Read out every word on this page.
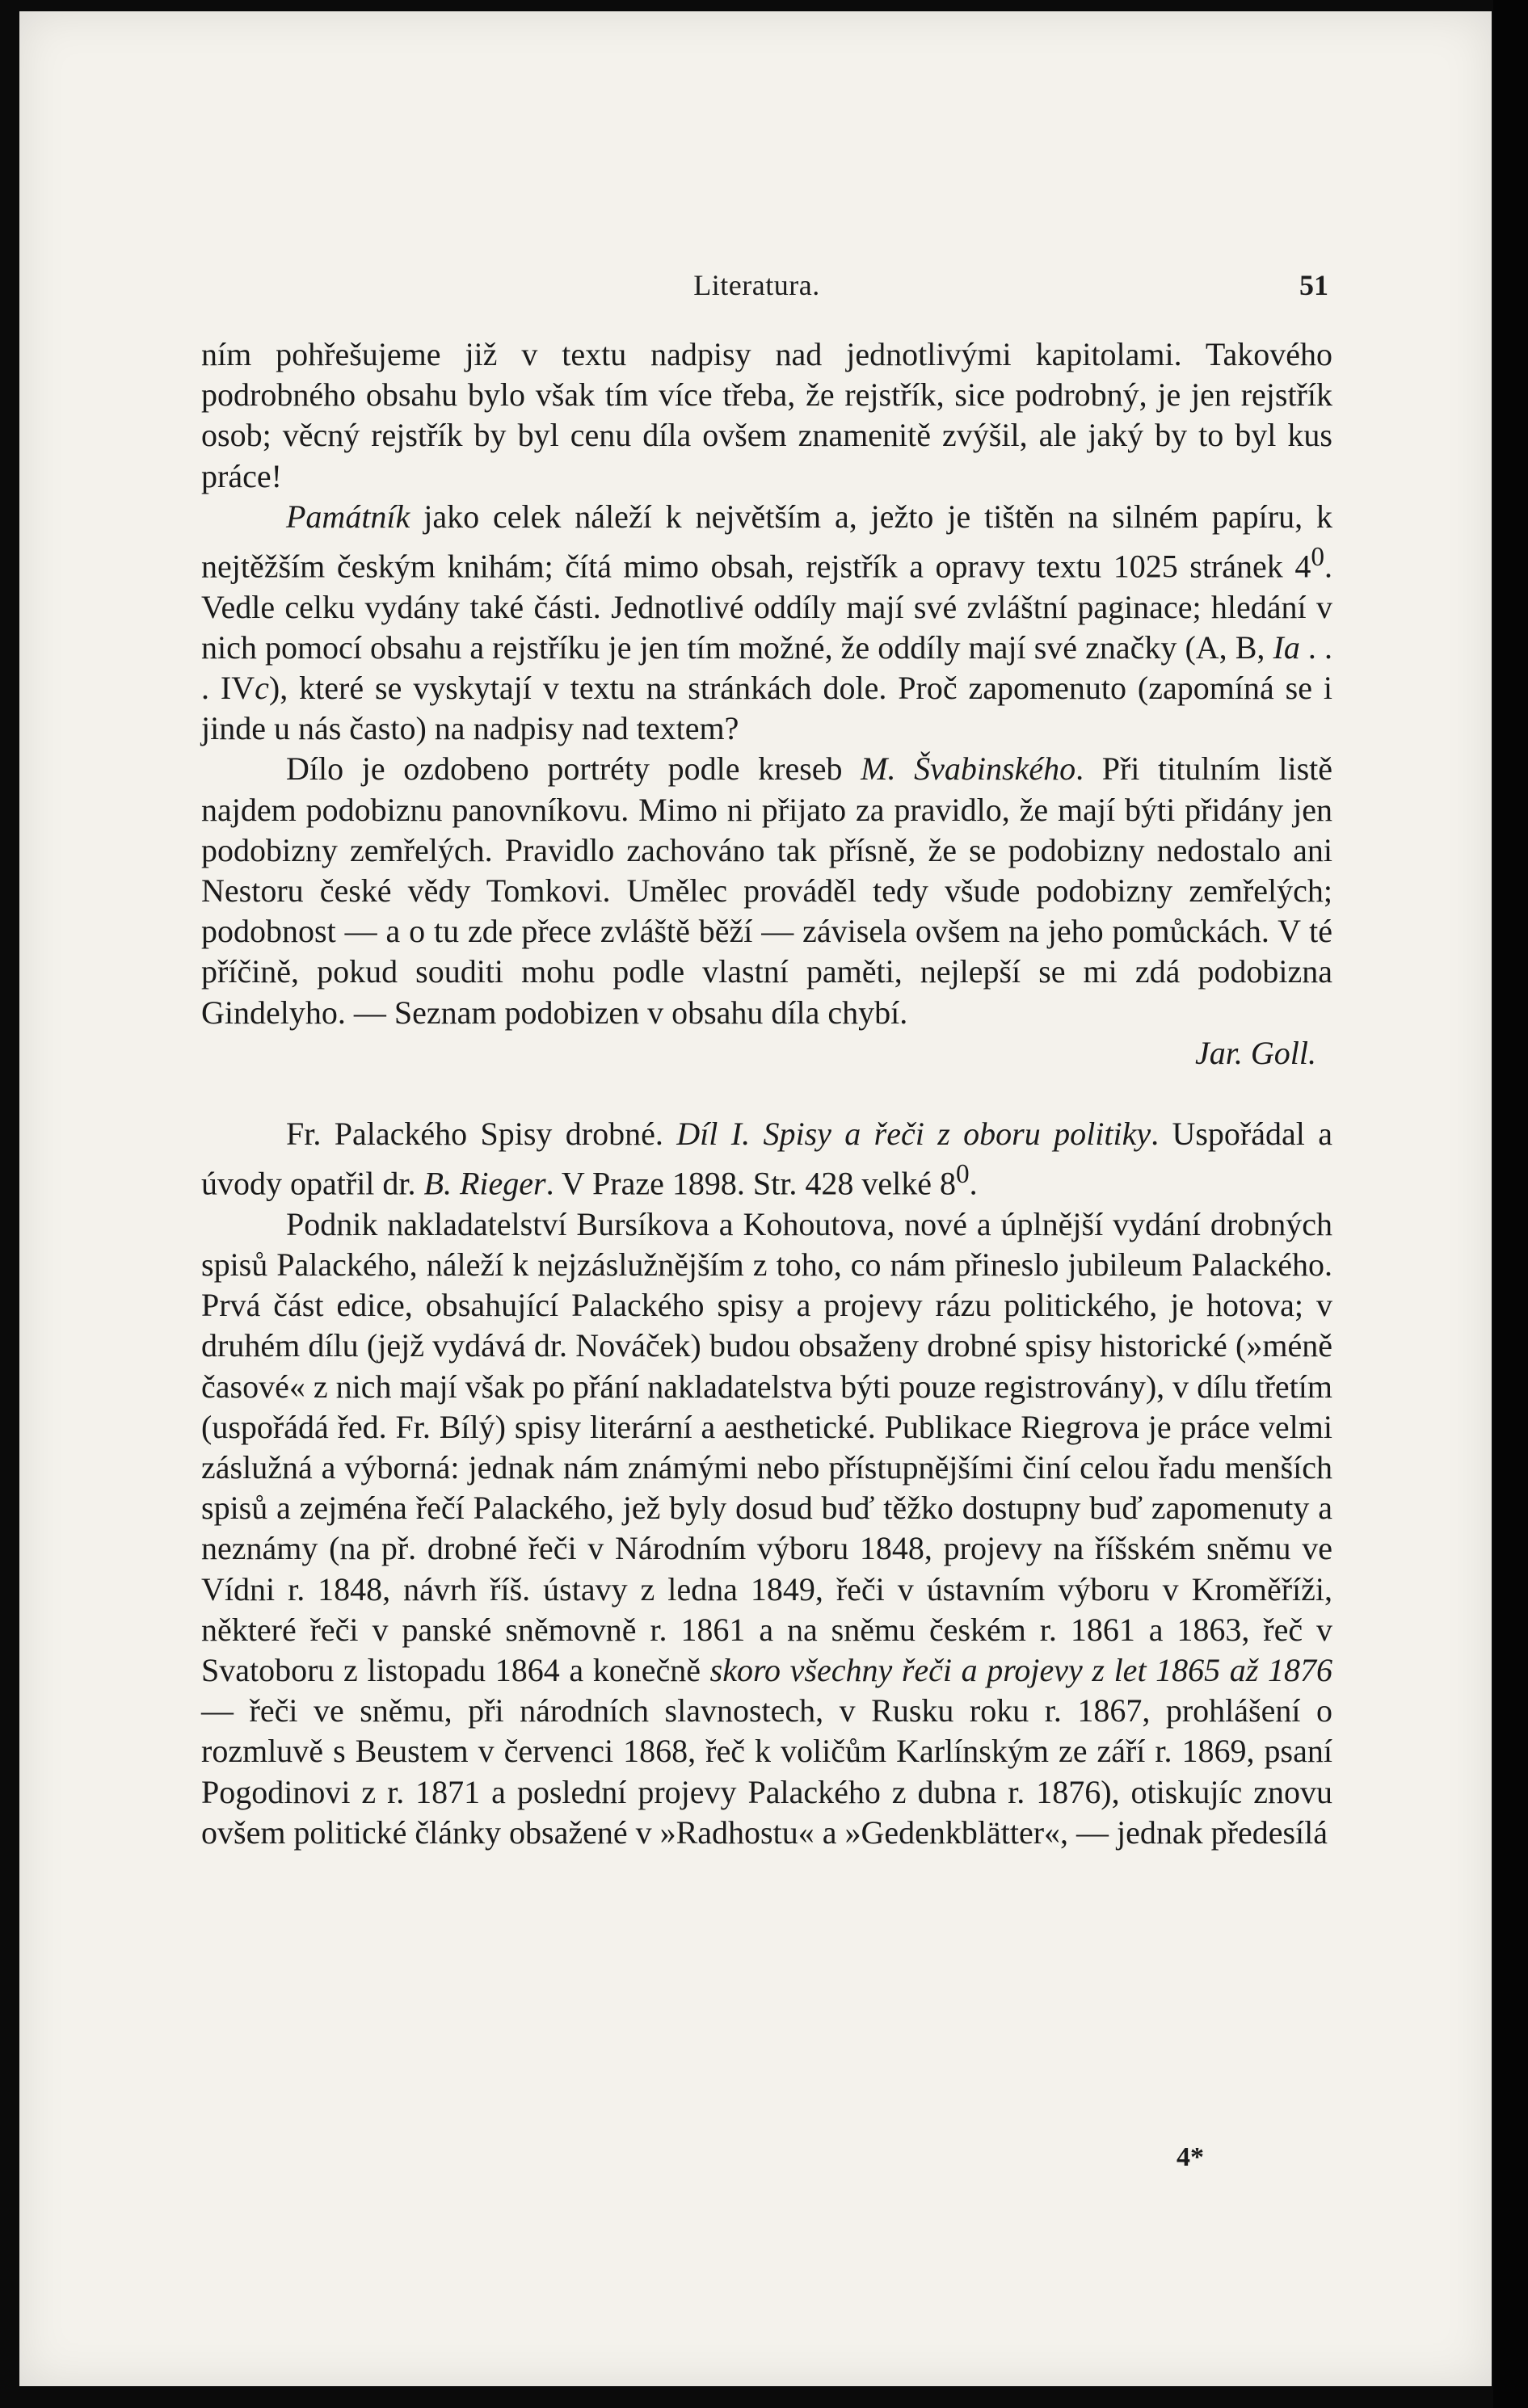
Literatura.	51

ním pohřešujeme již v textu nadpisy nad jednotlivými kapitolami. Takového podrobného obsahu bylo však tím více třeba, že rejstřík, sice podrobný, je jen rejstřík osob; věcný rejstřík by byl cenu díla ovšem znamenitě zvýšil, ale jaký by to byl kus práce!

Památník jako celek náleží k největším a, ježto je tištěn na silném papíru, k nejtěžším českým knihám; čítá mimo obsah, rejstřík a opravy textu 1025 stránek $4^0$. Vedle celku vydány také části. Jednotlivé oddíly mají své zvláštní paginace; hledání v nich pomocí obsahu a rejstříku je jen tím možné, že oddíly mají své značky (A, B, Ia . . . IVc), které se vyskytají v textu na stránkách dole. Proč zapomenuto (zapomíná se i jinde u nás často) na nadpisy nad textem?

Dílo je ozdobeno portréty podle kreseb M. Švabinského. Při titulním listě najdem podobiznu panovníkovu. Mimo ni přijato za pravidlo, že mají býti přidány jen podobizny zemřelých. Pravidlo zachováno tak přísně, že se podobizny nedostalo ani Nestoru české vědy Tomkovi. Umělec prováděl tedy všude podobizny zemřelých; podobnost — a o tu zde přece zvláště běží — závisela ovšem na jeho pomůckách. V té příčině, pokud souditi mohu podle vlastní paměti, nejlepší se mi zdá podobizna Gindelyho. — Seznam podobizen v obsahu díla chybí.

Jar. Goll.

Fr. Palackého Spisy drobné. Díl I. Spisy a řeči z oboru politiky. Uspořádal a úvody opatřil dr. B. Rieger. V Praze 1898. Str. 428 velké $8^0$.

Podnik nakladatelství Bursíkova a Kohoutova, nové a úplnější vydání drobných spisů Palackého, náleží k nejzáslužnějším z toho, co nám přineslo jubileum Palackého. Prvá část edice, obsahující Palackého spisy a projevy rázu politického, je hotova; v druhém dílu (jejž vydává dr. Nováček) budou obsaženy drobné spisy historické (»méně časové« z nich mají však po přání nakladatelstva býti pouze registrovány), v dílu třetím (uspořádá řed. Fr. Bílý) spisy literární a aesthetické. Publikace Riegrova je práce velmi záslužná a výborná: jednak nám známými nebo přístupnějšími činí celou řadu menších spisů a zejména řečí Palackého, jež byly dosud buď těžko dostupny buď zapomenuty a neznámy (na př. drobné řeči v Národním výboru 1848, projevy na říšském sněmu ve Vídni r. 1848, návrh říš. ústavy z ledna 1849, řeči v ústavním výboru v Kroměříži, některé řeči v panské sněmovně r. 1861 a na sněmu českém r. 1861 a 1863, řeč v Svatoboru z listopadu 1864 a konečně skoro všechny řeči a projevy z let 1865 až 1876 — řeči ve sněmu, při národních slavnostech, v Rusku roku r. 1867, prohlášení o rozmluvě s Beustem v červenci 1868, řeč k voličům Karlínským ze září r. 1869, psaní Pogodinovi z r. 1871 a poslední projevy Palackého z dubna r. 1876), otiskujíc znovu ovšem politické články obsažené v »Radhostu« a »Gedenkblätter«, — jednak předesílá

4*
